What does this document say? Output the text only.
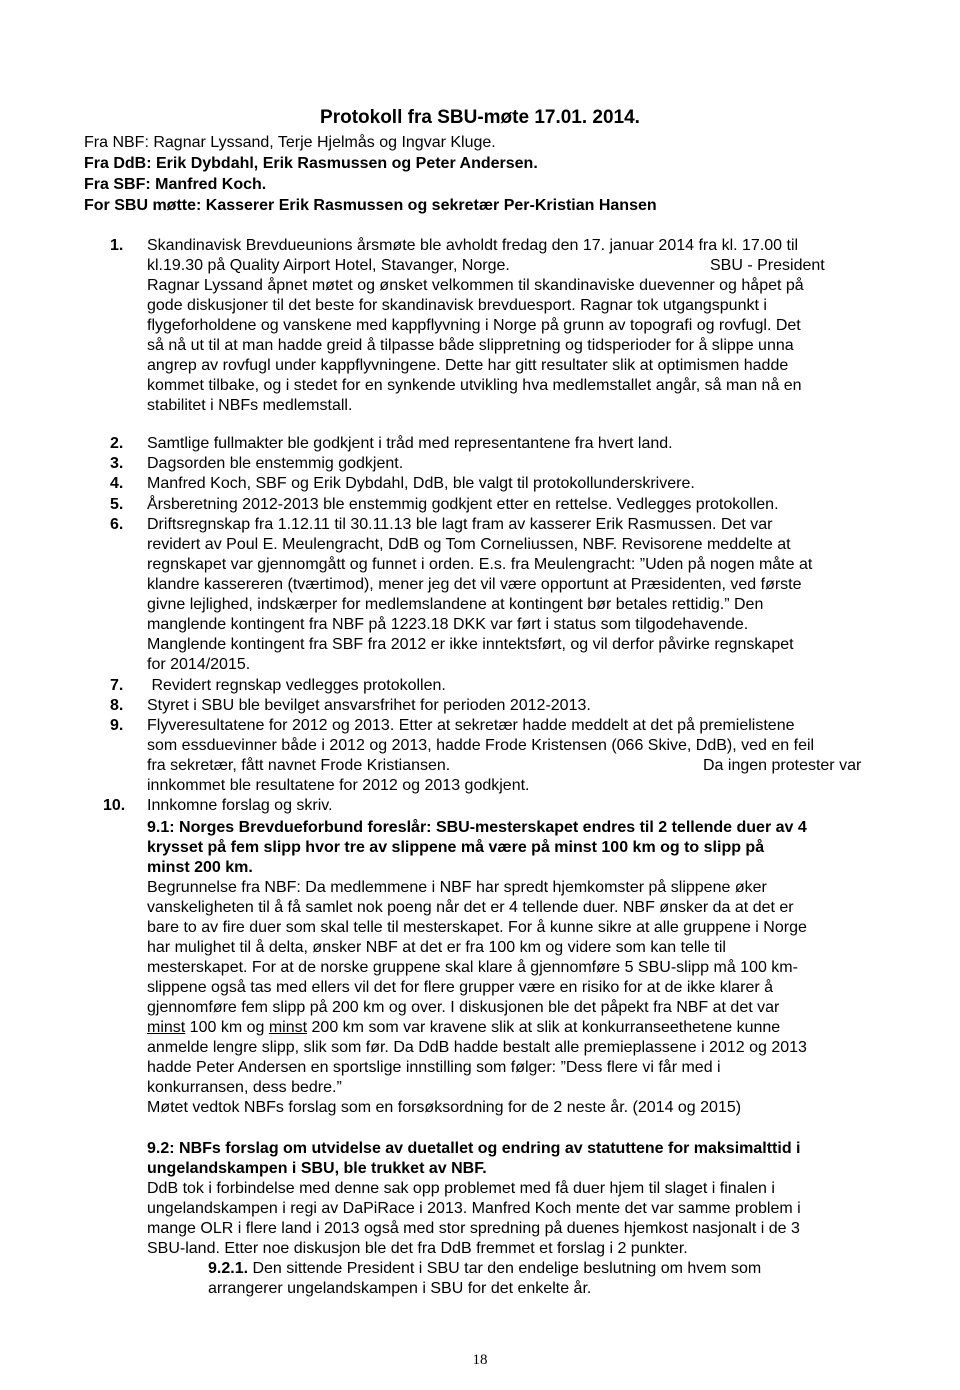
Protokoll fra SBU-møte 17.01. 2014.
Fra NBF: Ragnar Lyssand, Terje Hjelmås og Ingvar Kluge.
Fra DdB: Erik Dybdahl, Erik Rasmussen og Peter Andersen.
Fra SBF: Manfred Koch.
For SBU møtte: Kasserer Erik Rasmussen og sekretær Per-Kristian Hansen
1.	Skandinavisk Brevdueunions årsmøte ble avholdt fredag den 17. januar 2014 fra kl. 17.00 til
kl.19.30 på Quality Airport Hotel, Stavanger, Norge.	SBU - President
Ragnar Lyssand åpnet møtet og ønsket velkommen til skandinaviske duevenner og håpet på
gode diskusjoner til det beste for skandinavisk brevduesport. Ragnar tok utgangspunkt i
flygeforholdene og vanskene med kappflyvning i Norge på grunn av topografi og rovfugl. Det
så nå ut til at man hadde greid å tilpasse både slippretning og tidsperioder for å slippe unna
angrep av rovfugl under kappflyvningene. Dette har gitt resultater slik at optimismen hadde
kommet tilbake, og i stedet for en synkende utvikling hva medlemstallet angår, så man nå en
stabilitet i NBFs medlemstall.
2.	Samtlige fullmakter ble godkjent i tråd med representantene fra hvert land.
3.	Dagsorden ble enstemmig godkjent.
4.	Manfred Koch, SBF og Erik Dybdahl, DdB, ble valgt til protokollunderskrivere.
5.	Årsberetning 2012-2013 ble enstemmig godkjent etter en rettelse. Vedlegges protokollen.
6.	Driftsregnskap fra 1.12.11 til 30.11.13 ble lagt fram av kasserer Erik Rasmussen. Det var
revidert av Poul E. Meulengracht, DdB og Tom Corneliussen, NBF. Revisorene meddelte at
regnskapet var gjennomgått og funnet i orden. E.s. fra Meulengracht: ”Uden på nogen måte at
klandre kassereren (tværtimod), mener jeg det vil være opportunt at Præsidenten, ved første
givne lejlighed, indskærper for medlemslandene at kontingent bør betales rettidig.” Den
manglende kontingent fra NBF på 1223.18 DKK var ført i status som tilgodehavende.
Manglende kontingent fra SBF fra 2012 er ikke inntektsført, og vil derfor påvirke regnskapet
for 2014/2015.
7.	Revidert regnskap vedlegges protokollen.
8.	Styret i SBU ble bevilget ansvarsfrihet for perioden 2012-2013.
9.	Flyveresultatene for 2012 og 2013. Etter at sekretær hadde meddelt at det på premielistene
som essduevinner både i 2012 og 2013, hadde Frode Kristensen (066 Skive, DdB), ved en feil
fra sekretær, fått navnet Frode Kristiansen.	Da ingen protester var
innkommet ble resultatene for 2012 og 2013 godkjent.
10.	Innkomne forslag og skriv.
9.1: Norges Brevdueforbund foreslår: SBU-mesterskapet endres til 2 tellende duer av 4
krysset på fem slipp hvor tre av slippene må være på minst 100 km og to slipp på
minst 200 km.
Begrunnelse fra NBF: Da medlemmene i NBF har spredt hjemkomster på slippene øker
vanskeligheten til å få samlet nok poeng når det er 4 tellende duer. NBF ønsker da at det er
bare to av fire duer som skal telle til mesterskapet. For å kunne sikre at alle gruppene i Norge
har mulighet til å delta, ønsker NBF at det er fra 100 km og videre som kan telle til
mesterskapet. For at de norske gruppene skal klare å gjennomføre 5 SBU-slipp må 100 km-
slippene også tas med ellers vil det for flere grupper være en risiko for at de ikke klarer å
gjennomføre fem slipp på 200 km og over. I diskusjonen ble det påpekt fra NBF at det var
minst 100 km og minst 200 km som var kravene slik at slik at konkurranseethetene kunne
anmelde lengre slipp, slik som før. Da DdB hadde bestalt alle premieplassene i 2012 og 2013
hadde Peter Andersen en sportslige innstilling som følger: ”Dess flere vi får med i
konkurransen, dess bedre.”
Møtet vedtok NBFs forslag som en forsøksordning for de 2 neste år. (2014 og 2015)
9.2: NBFs forslag om utvidelse av duetallet og endring av statuttene for maksimalttid i
ungelandskampen i SBU, ble trukket av NBF.
DdB tok i forbindelse med denne sak opp problemet med få duer hjem til slaget i finalen i
ungelandskampen i regi av DaPiRace i 2013. Manfred Koch mente det var samme problem i
mange OLR i flere land i 2013 også med stor spredning på duenes hjemkost nasjonalt i de 3
SBU-land. Etter noe diskusjon ble det fra DdB fremmet et forslag i 2 punkter.
9.2.1. Den sittende President i SBU tar den endelige beslutning om hvem som
arrangerer ungelandskampen i SBU for det enkelte år.
18
